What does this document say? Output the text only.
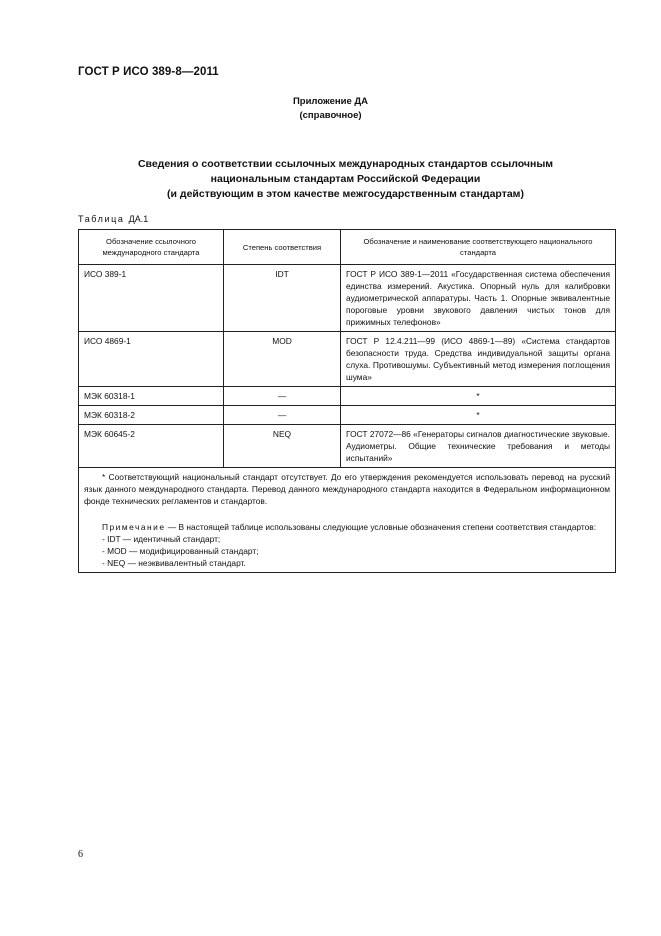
ГОСТ Р ИСО 389-8—2011
Приложение ДА
(справочное)
Сведения о соответствии ссылочных международных стандартов ссылочным
национальным стандартам Российской Федерации
(и действующим в этом качестве межгосударственным стандартам)
Таблица ДА.1
Обозначение ссылочного международного стандарта	Степень соответствия	Обозначение и наименование соответствующего национального стандарта
ИСО 389-1	IDT	ГОСТ Р ИСО 389-1—2011 «Государственная система обеспечения единства измерений. Акустика. Опорный нуль для калибровки аудиометрической аппаратуры. Часть 1. Опорные эквивалентные пороговые уровни звукового давления чистых тонов для прижимных телефонов»
ИСО 4869-1	MOD	ГОСТ Р 12.4.211—99 (ИСО 4869-1—89) «Система стандартов безопасности труда. Средства индивидуальной защиты органа слуха. Противошумы. Субъективный метод измерения поглощения шума»
МЭК 60318-1	—	*
МЭК 60318-2	—	*
МЭК 60645-2	NEQ	ГОСТ 27072—86 «Генераторы сигналов диагностические звуковые. Аудиометры. Общие технические требования и методы испытаний»

* Соответствующий национальный стандарт отсутствует. До его утверждения рекомендуется использовать перевод на русский язык данного международного стандарта. Перевод данного международного стандарта находится в Федеральном информационном фонде технических регламентов и стандартов.

Примечание — В настоящей таблице использованы следующие условные обозначения степени соответствия стандартов:

- IDT — идентичный стандарт;

- MOD — модифицированный стандарт;

- NEQ — неэквивалентный стандарт.		

6
